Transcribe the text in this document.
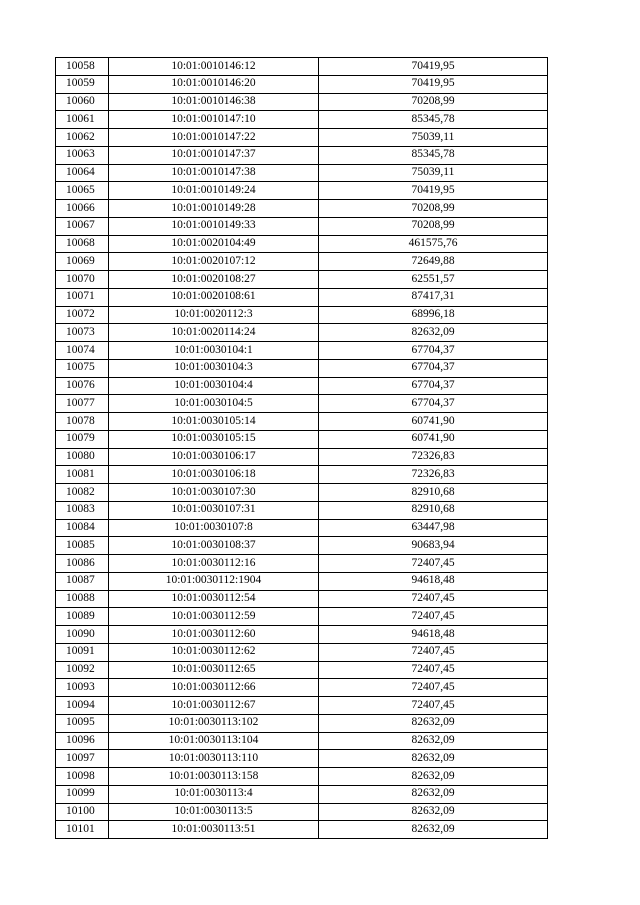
10058	10:01:0010146:12	70419,95
10059	10:01:0010146:20	70419,95
10060	10:01:0010146:38	70208,99
10061	10:01:0010147:10	85345,78
10062	10:01:0010147:22	75039,11
10063	10:01:0010147:37	85345,78
10064	10:01:0010147:38	75039,11
10065	10:01:0010149:24	70419,95
10066	10:01:0010149:28	70208,99
10067	10:01:0010149:33	70208,99
10068	10:01:0020104:49	461575,76
10069	10:01:0020107:12	72649,88
10070	10:01:0020108:27	62551,57
10071	10:01:0020108:61	87417,31
10072	10:01:0020112:3	68996,18
10073	10:01:0020114:24	82632,09
10074	10:01:0030104:1	67704,37
10075	10:01:0030104:3	67704,37
10076	10:01:0030104:4	67704,37
10077	10:01:0030104:5	67704,37
10078	10:01:0030105:14	60741,90
10079	10:01:0030105:15	60741,90
10080	10:01:0030106:17	72326,83
10081	10:01:0030106:18	72326,83
10082	10:01:0030107:30	82910,68
10083	10:01:0030107:31	82910,68
10084	10:01:0030107:8	63447,98
10085	10:01:0030108:37	90683,94
10086	10:01:0030112:16	72407,45
10087	10:01:0030112:1904	94618,48
10088	10:01:0030112:54	72407,45
10089	10:01:0030112:59	72407,45
10090	10:01:0030112:60	94618,48
10091	10:01:0030112:62	72407,45
10092	10:01:0030112:65	72407,45
10093	10:01:0030112:66	72407,45
10094	10:01:0030112:67	72407,45
10095	10:01:0030113:102	82632,09
10096	10:01:0030113:104	82632,09
10097	10:01:0030113:110	82632,09
10098	10:01:0030113:158	82632,09
10099	10:01:0030113:4	82632,09
10100	10:01:0030113:5	82632,09
10101	10:01:0030113:51	82632,09
